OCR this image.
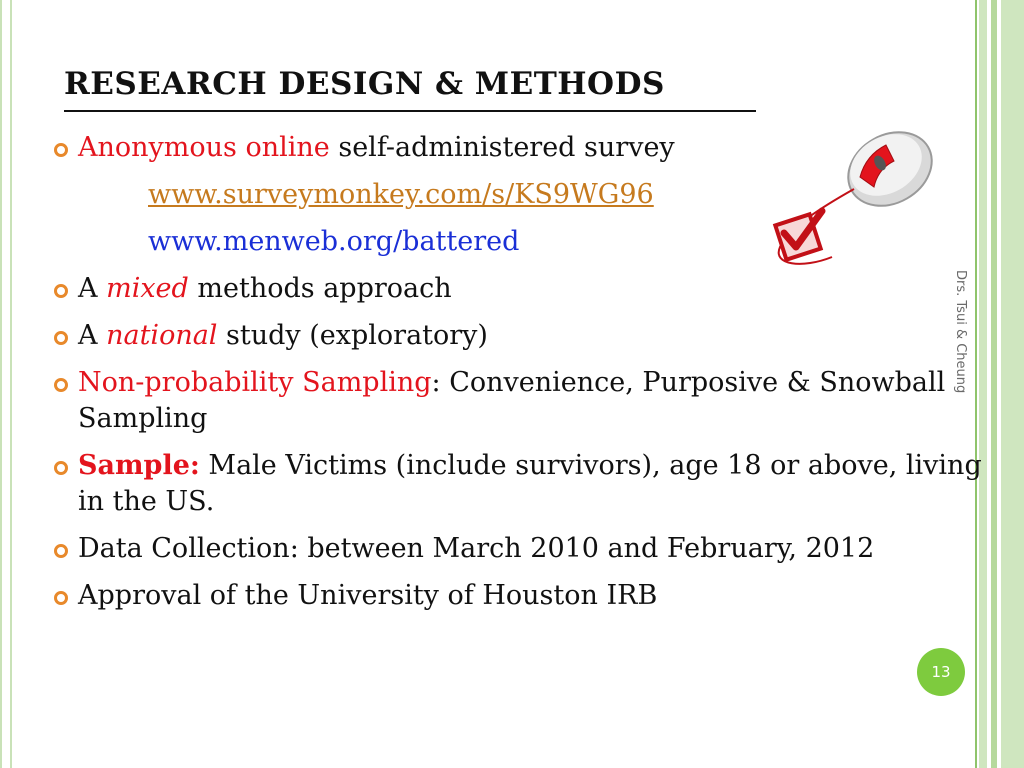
RESEARCH DESIGN & METHODS
Anonymous online self-administered survey
www.surveymonkey.com/s/KS9WG96
www.menweb.org/battered
A mixed methods approach
A national study (exploratory)
Non-probability Sampling: Convenience, Purposive & Snowball Sampling
Sample: Male Victims (include survivors), age 18 or above, living in the US.
Data Collection: between March 2010 and February, 2012
Approval of the University of Houston IRB
Drs. Tsui & Cheung
13
